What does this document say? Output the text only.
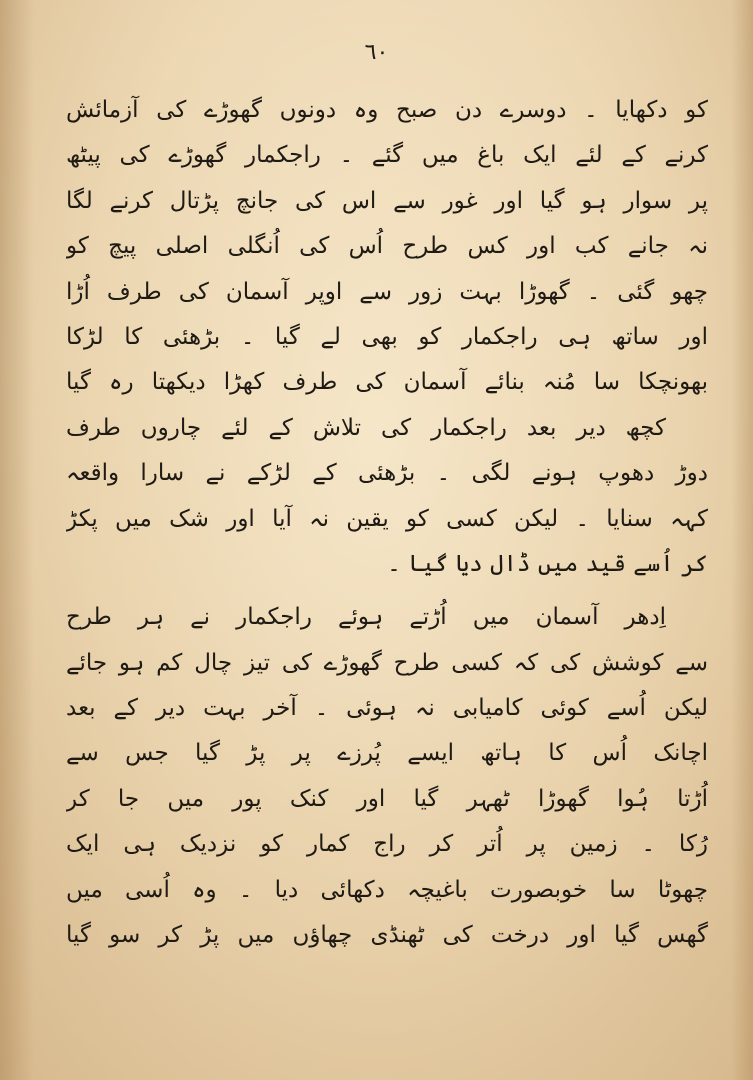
٦٠
کو دکھایا ۔ دوسرے دن صبح وہ دونوں گھوڑے کی آزمائش
کرنے کے لئے ایک باغ میں گئے ۔ راجکمار گھوڑے کی پیٹھ
پر سوار ہو گیا اور غور سے اس کی جانچ پڑتال کرنے لگا
نہ جانے کب اور کس طرح اُس کی اُنگلی اصلی پیچ کو
چھو گئی ۔ گھوڑا بہت زور سے اوپر آسمان کی طرف اُڑا
اور ساتھ ہی راجکمار کو بھی لے گیا ۔ بڑھئی کا لڑکا
بھونچکا سا مُنہ بنائے آسمان کی طرف کھڑا دیکھتا رہ گیا
کچھ دیر بعد راجکمار کی تلاش کے لئے چاروں طرف
دوڑ دھوپ ہونے لگی ۔ بڑھئی کے لڑکے نے سارا واقعہ
کہہ سنایا ۔ لیکن کسی کو یقین نہ آیا اور شک میں پکڑ
کر اُسے قید میں ڈال دیا گیا ۔
اِدھر آسمان میں اُڑتے ہوئے راجکمار نے ہر طرح
سے کوشش کی کہ کسی طرح گھوڑے کی تیز چال کم ہو جائے
لیکن اُسے کوئی کامیابی نہ ہوئی ۔ آخر بہت دیر کے بعد
اچانک اُس کا ہاتھ ایسے پُرزے پر پڑ گیا جس سے
اُڑتا ہُوا گھوڑا ٹھہر گیا اور کنک پور میں جا کر
رُکا ۔ زمین پر اُتر کر راج کمار کو نزدیک ہی ایک
چھوٹا سا خوبصورت باغیچہ دکھائی دیا ۔ وہ اُسی میں
گھس گیا اور درخت کی ٹھنڈی چھاؤں میں پڑ کر سو گیا
